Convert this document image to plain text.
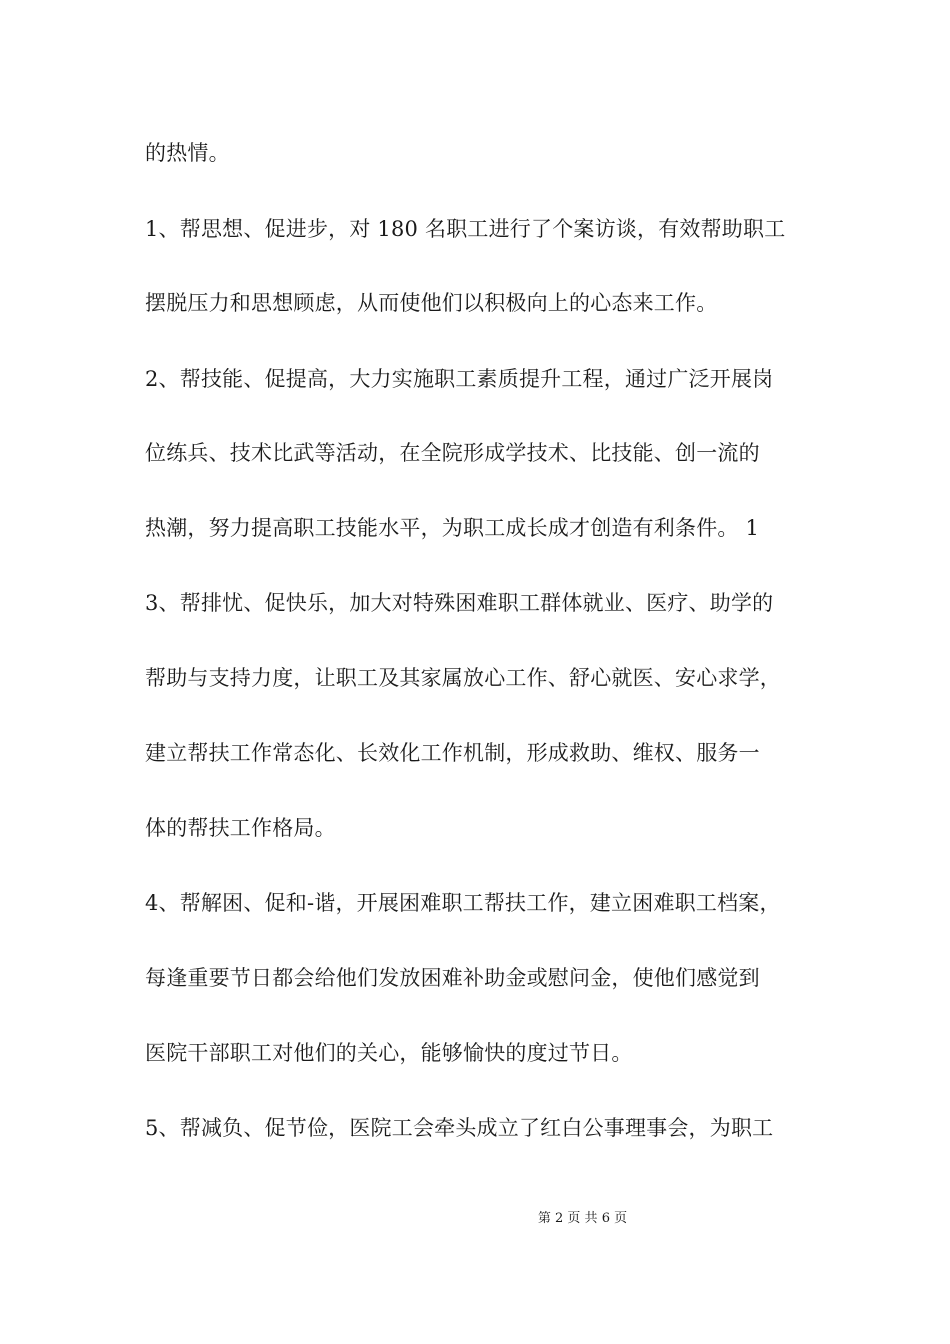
的热情。
1、帮思想、促进步，对 180 名职工进行了个案访谈，有效帮助职工
摆脱压力和思想顾虑，从而使他们以积极向上的心态来工作。
2、帮技能、促提高，大力实施职工素质提升工程，通过广泛开展岗
位练兵、技术比武等活动，在全院形成学技术、比技能、创一流的
热潮，努力提高职工技能水平，为职工成长成才创造有利条件。 1
3、帮排忧、促快乐，加大对特殊困难职工群体就业、医疗、助学的
帮助与支持力度，让职工及其家属放心工作、舒心就医、安心求学，
建立帮扶工作常态化、长效化工作机制，形成救助、维权、服务一
体的帮扶工作格局。
4、帮解困、促和-谐，开展困难职工帮扶工作，建立困难职工档案，
每逢重要节日都会给他们发放困难补助金或慰问金，使他们感觉到
医院干部职工对他们的关心，能够愉快的度过节日。
5、帮减负、促节俭，医院工会牵头成立了红白公事理事会，为职工
第 2 页 共 6 页
